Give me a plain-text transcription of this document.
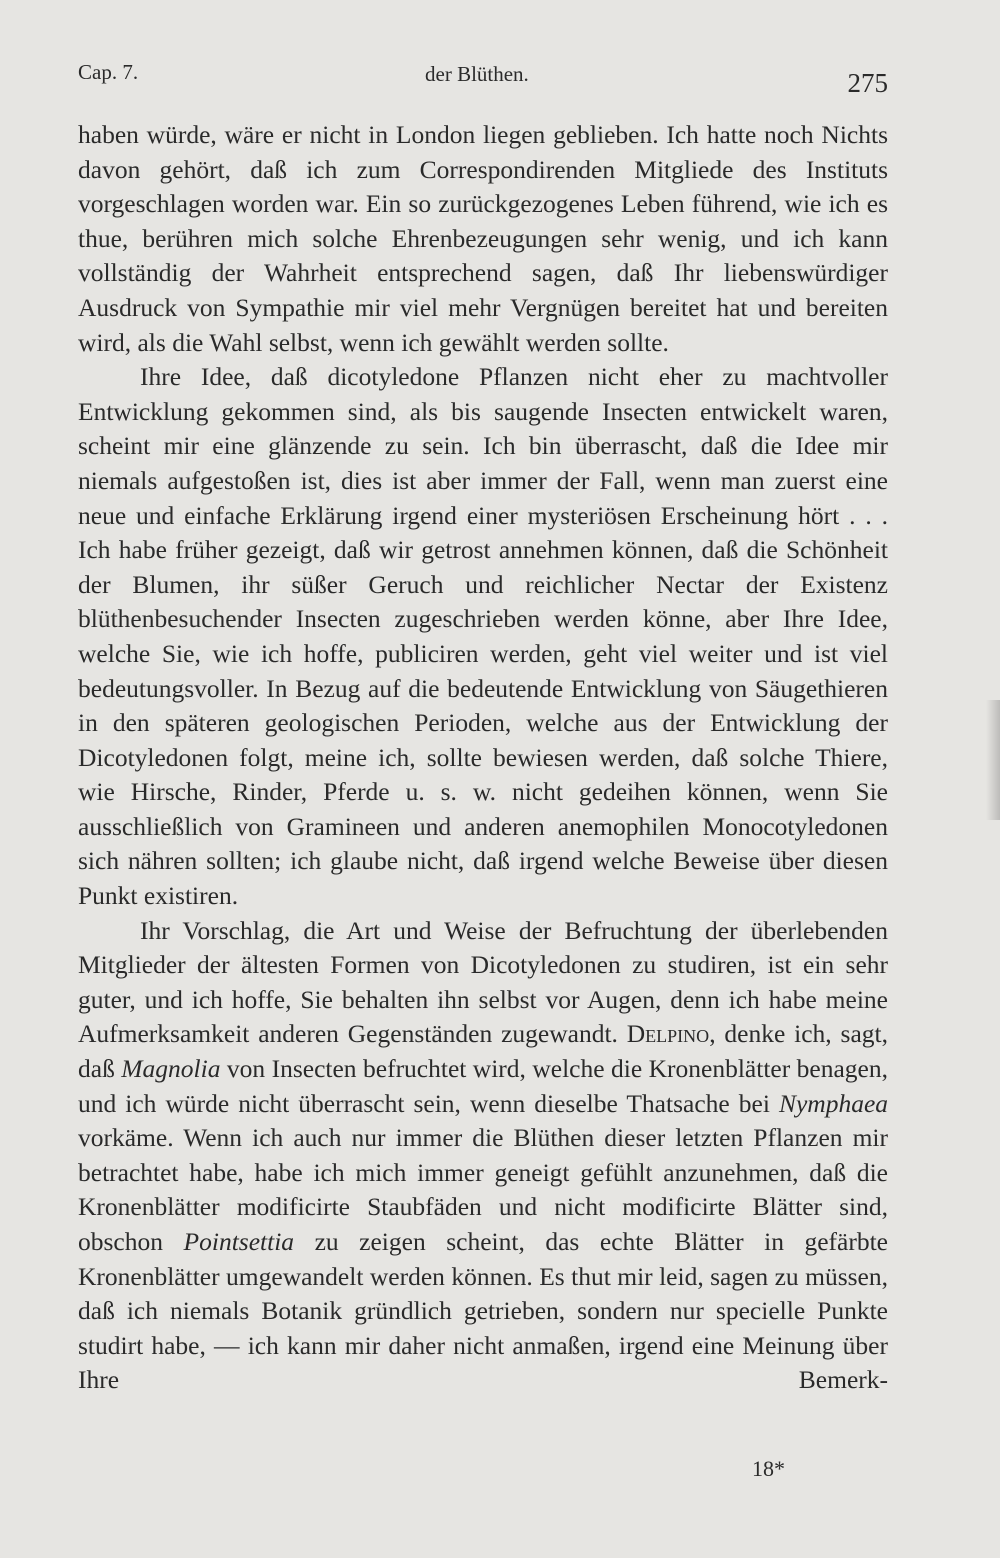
Cap. 7.	der Blüthen.	275

haben würde, wäre er nicht in London liegen geblieben. Ich hatte noch Nichts davon gehört, daß ich zum Correspondirenden Mitgliede des Instituts vorgeschlagen worden war. Ein so zurückgezogenes Leben führend, wie ich es thue, berühren mich solche Ehrenbezeugungen sehr wenig, und ich kann vollständig der Wahrheit entsprechend sagen, daß Ihr liebenswürdiger Ausdruck von Sympathie mir viel mehr Vergnügen bereitet hat und bereiten wird, als die Wahl selbst, wenn ich gewählt werden sollte.

Ihre Idee, daß dicotyledone Pflanzen nicht eher zu machtvoller Entwicklung gekommen sind, als bis saugende Insecten entwickelt waren, scheint mir eine glänzende zu sein. Ich bin überrascht, daß die Idee mir niemals aufgestoßen ist, dies ist aber immer der Fall, wenn man zuerst eine neue und einfache Erklärung irgend einer mysteriösen Erscheinung hört . . . Ich habe früher gezeigt, daß wir getrost annehmen können, daß die Schönheit der Blumen, ihr süßer Geruch und reichlicher Nectar der Existenz blüthenbesuchender Insecten zugeschrieben werden könne, aber Ihre Idee, welche Sie, wie ich hoffe, publiciren werden, geht viel weiter und ist viel bedeutungsvoller. In Bezug auf die bedeutende Entwicklung von Säugethieren in den späteren geologischen Perioden, welche aus der Entwicklung der Dicotyledonen folgt, meine ich, sollte bewiesen werden, daß solche Thiere, wie Hirsche, Rinder, Pferde u. s. w. nicht gedeihen können, wenn Sie ausschließlich von Gramineen und anderen anemophilen Monocotyledonen sich nähren sollten; ich glaube nicht, daß irgend welche Beweise über diesen Punkt existiren.

Ihr Vorschlag, die Art und Weise der Befruchtung der überlebenden Mitglieder der ältesten Formen von Dicotyledonen zu studiren, ist ein sehr guter, und ich hoffe, Sie behalten ihn selbst vor Augen, denn ich habe meine Aufmerksamkeit anderen Gegenständen zugewandt. Delpino, denke ich, sagt, daß Magnolia von Insecten befruchtet wird, welche die Kronenblätter benagen, und ich würde nicht überrascht sein, wenn dieselbe Thatsache bei Nymphaea vorkäme. Wenn ich auch nur immer die Blüthen dieser letzten Pflanzen mir betrachtet habe, habe ich mich immer geneigt gefühlt anzunehmen, daß die Kronenblätter modificirte Staubfäden und nicht modificirte Blätter sind, obschon Pointsettia zu zeigen scheint, das echte Blätter in gefärbte Kronenblätter umgewandelt werden können. Es thut mir leid, sagen zu müssen, daß ich niemals Botanik gründlich getrieben, sondern nur specielle Punkte studirt habe, — ich kann mir daher nicht anmaßen, irgend eine Meinung über Ihre Bemerk-

18*
